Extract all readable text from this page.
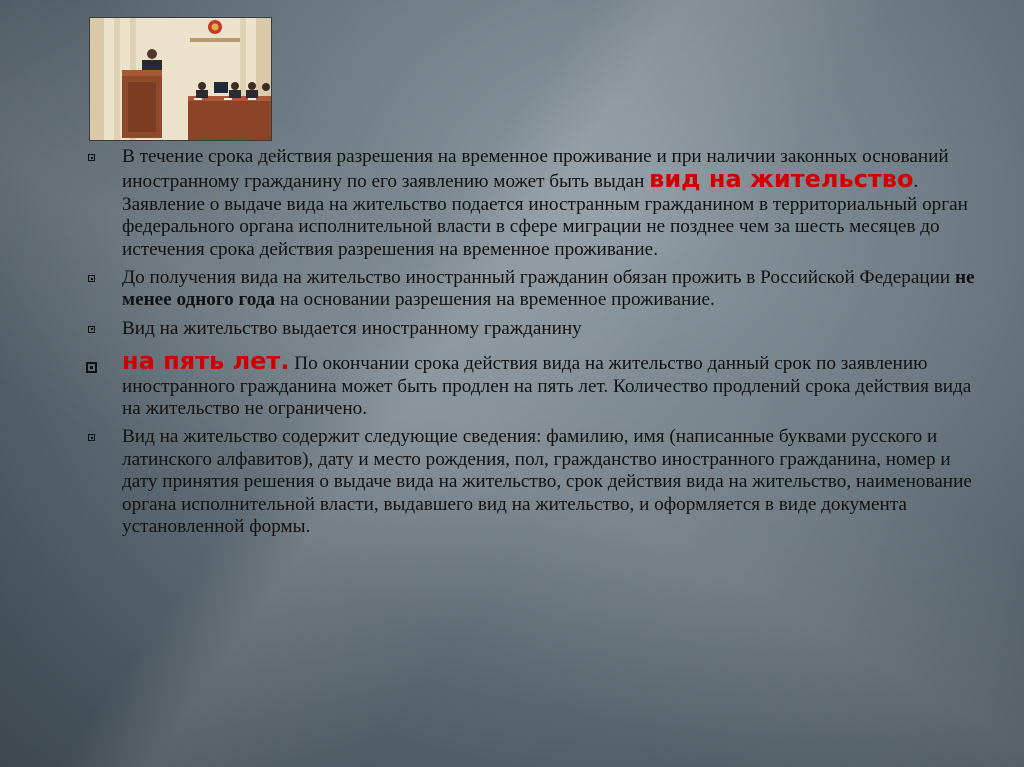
В течение срока действия разрешения на временное проживание и при наличии законных оснований иностранному гражданину по его заявлению может быть выдан вид на жительство. Заявление о выдаче вида на жительство подается иностранным гражданином в территориальный орган федерального органа исполнительной власти в сфере миграции не позднее чем за шесть месяцев до истечения срока действия разрешения на временное проживание.
До получения вида на жительство иностранный гражданин обязан прожить в Российской Федерации не менее одного года на основании разрешения на временное проживание.
Вид на жительство выдается иностранному гражданину
на пять лет. По окончании срока действия вида на жительство данный срок по заявлению иностранного гражданина может быть продлен на пять лет. Количество продлений срока действия вида на жительство не ограничено.
Вид на жительство содержит следующие сведения: фамилию, имя (написанные буквами русского и латинского алфавитов), дату и место рождения, пол, гражданство иностранного гражданина, номер и дату принятия решения о выдаче вида на жительство, срок действия вида на жительство, наименование органа исполнительной власти, выдавшего вид на жительство, и оформляется в виде документа установленной формы.
